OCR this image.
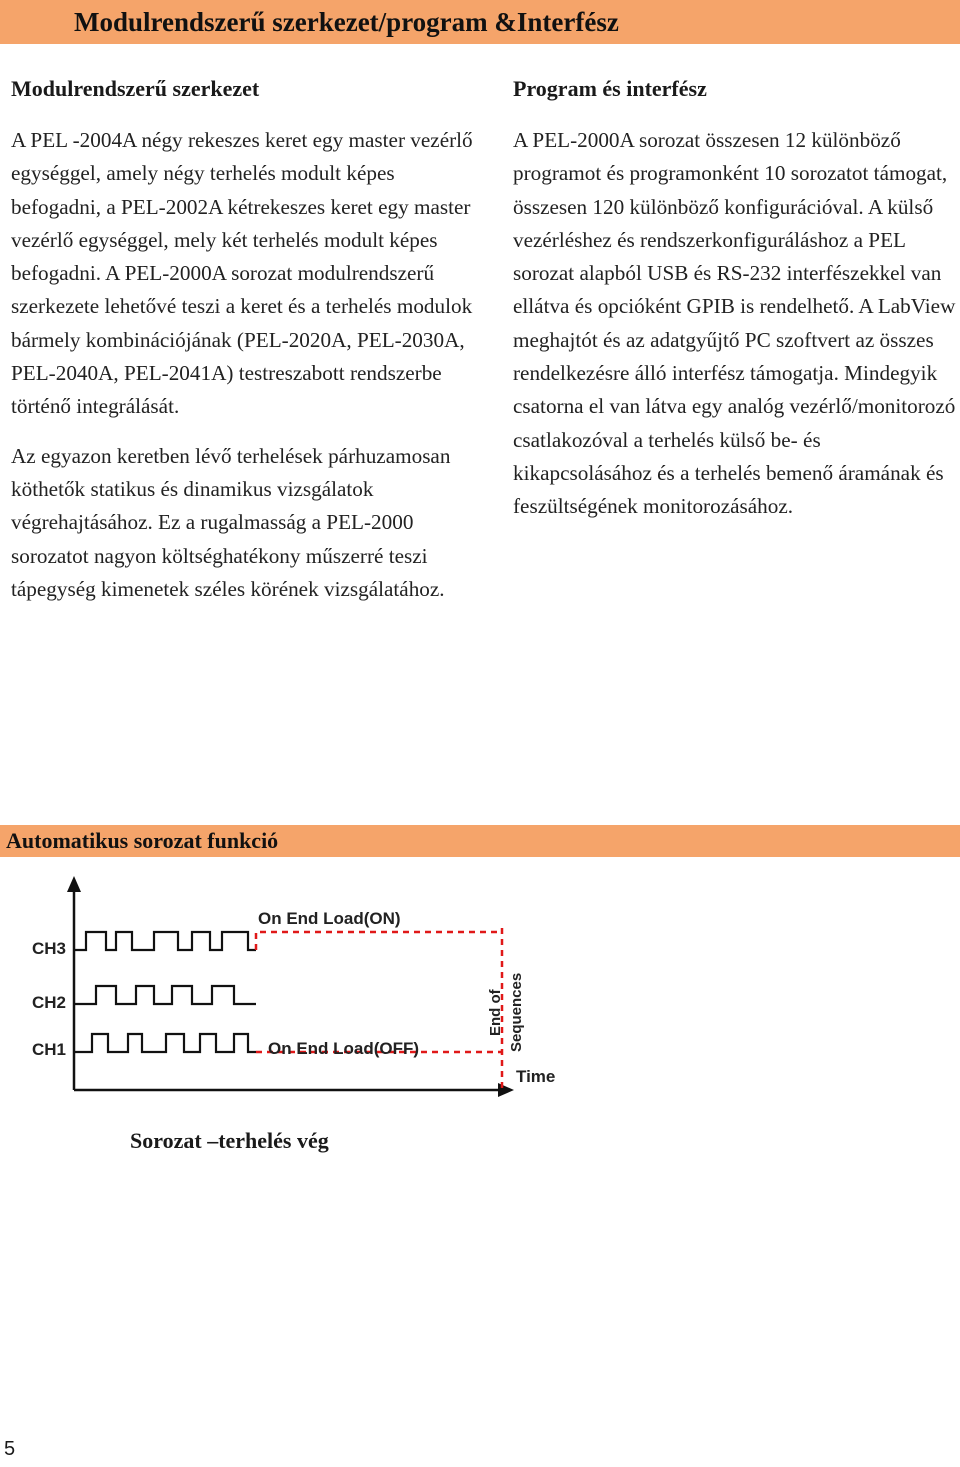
Modulrendszerű szerkezet/program &Interfész
Modulrendszerű szerkezet

A PEL -2004A négy rekeszes keret egy master vezérlő egységgel, amely négy terhelés modult képes befogadni, a PEL-2002A kétrekeszes keret egy master vezérlő egységgel, mely két terhelés modult képes befogadni. A PEL-2000A sorozat modulrendszerű szerkezete lehetővé teszi a keret és a terhelés modulok bármely kombinációjának (PEL-2020A, PEL-2030A, PEL-2040A, PEL-2041A) testreszabott rendszerbe történő integrálását.

Az egyazon keretben lévő terhelések párhuzamosan köthetők statikus és dinamikus vizsgálatok végrehajtásához. Ez a rugalmasság a PEL-2000 sorozatot nagyon költséghatékony műszerré teszi tápegység kimenetek széles körének vizsgálatához.

Program és interfész

A PEL-2000A sorozat összesen 12 különböző programot és programonként 10 sorozatot támogat, összesen 120 különböző konfigurációval. A külső vezérléshez és rendszerkonfiguráláshoz a PEL sorozat alapból USB és RS-232 interfészekkel van ellátva és opcióként GPIB is rendelhető. A LabView meghajtót és az adatgyűjtő PC szoftvert az összes rendelkezésre álló interfész támogatja. Mindegyik csatorna el van látva egy analóg vezérlő/monitorozó csatlakozóval a terhelés külső be- és kikapcsolásához és a terhelés bemenő áramának és feszültségének monitorozásához.

Automatikus sorozat funkció
CH3
CH2
CH1
On End Load(ON)
On End Load(OFF)
End of Sequences
Time
Sorozat –terhelés vég
5
